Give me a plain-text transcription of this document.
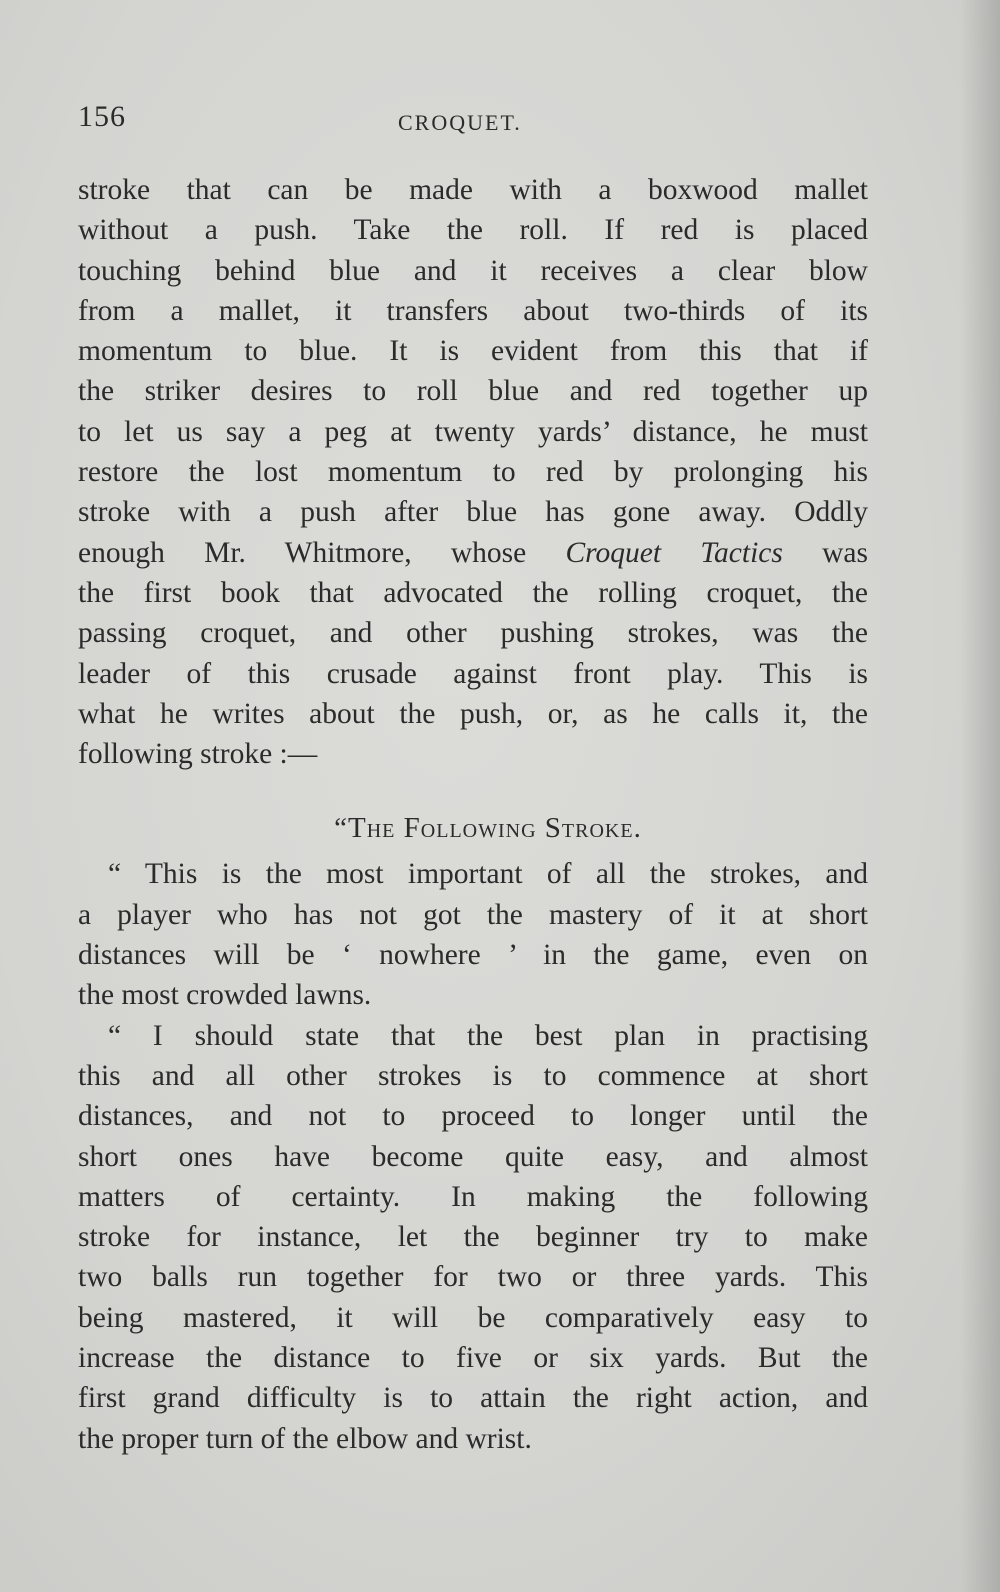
156	CROQUET.
stroke that can be made with a boxwood mallet
without a push. Take the roll. If red is placed
touching behind blue and it receives a clear blow
from a mallet, it transfers about two-thirds of its
momentum to blue. It is evident from this that if
the striker desires to roll blue and red together up
to let us say a peg at twenty yards’ distance, he must
restore the lost momentum to red by prolonging his
stroke with a push after blue has gone away. Oddly
enough Mr. Whitmore, whose Croquet Tactics was
the first book that advocated the rolling croquet, the
passing croquet, and other pushing strokes, was the
leader of this crusade against front play. This is
what he writes about the push, or, as he calls it, the
following stroke :—
“The Following Stroke.
“ This is the most important of all the strokes, and
a player who has not got the mastery of it at short
distances will be ‘ nowhere ’ in the game, even on
the most crowded lawns.
“ I should state that the best plan in practising
this and all other strokes is to commence at short
distances, and not to proceed to longer until the
short ones have become quite easy, and almost
matters of certainty. In making the following
stroke for instance, let the beginner try to make
two balls run together for two or three yards. This
being mastered, it will be comparatively easy to
increase the distance to five or six yards. But the
first grand difficulty is to attain the right action, and
the proper turn of the elbow and wrist.
